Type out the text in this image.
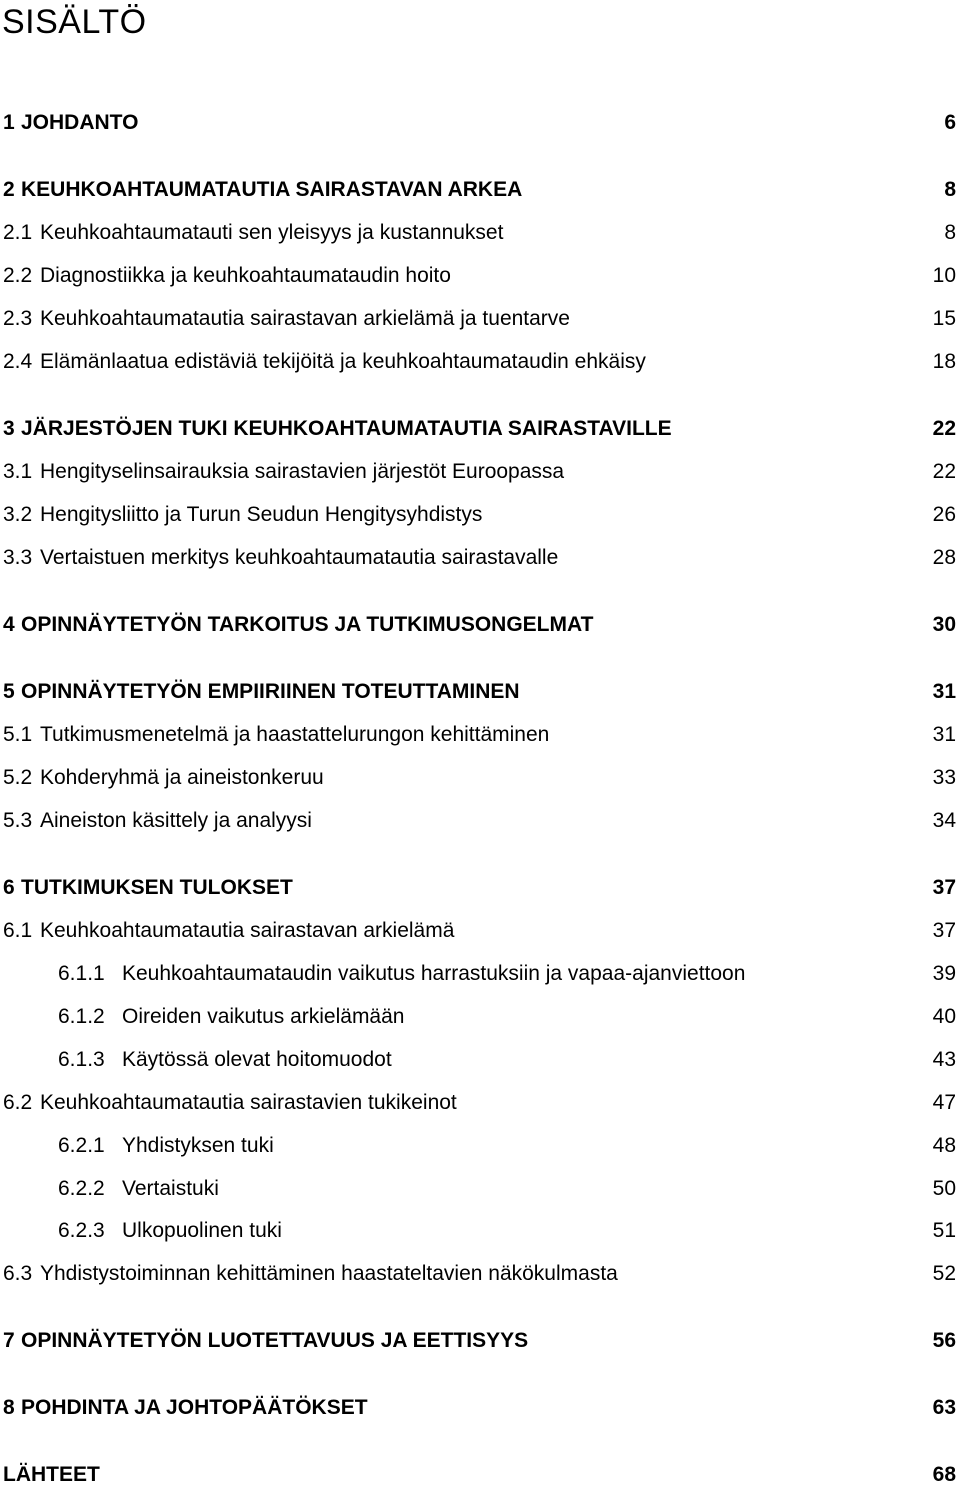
SISÄLTÖ
1 JOHDANTO	6
2 KEUHKOAHTAUMATAUTIA SAIRASTAVAN ARKEA	8
2.1 Keuhkoahtaumatauti sen yleisyys ja kustannukset	8
2.2 Diagnostiikka ja keuhkoahtaumataudin hoito	10
2.3 Keuhkoahtaumatautia sairastavan arkielämä ja tuentarve	15
2.4 Elämänlaatua edistäviä tekijöitä ja keuhkoahtaumataudin ehkäisy	18
3 JÄRJESTÖJEN TUKI KEUHKOAHTAUMATAUTIA SAIRASTAVILLE	22
3.1 Hengityselinsairauksia sairastavien järjestöt Euroopassa	22
3.2 Hengitysliitto ja Turun Seudun Hengitysyhdistys	26
3.3 Vertaistuen merkitys keuhkoahtaumatautia sairastavalle	28
4 OPINNÄYTETYÖN TARKOITUS JA TUTKIMUSONGELMAT	30
5 OPINNÄYTETYÖN EMPIIRIINEN TOTEUTTAMINEN	31
5.1 Tutkimusmenetelmä ja haastattelurungon kehittäminen	31
5.2 Kohderyhmä ja aineistonkeruu	33
5.3 Aineiston käsittely ja analyysi	34
6 TUTKIMUKSEN TULOKSET	37
6.1 Keuhkoahtaumatautia sairastavan arkielämä	37
6.1.1 Keuhkoahtaumataudin vaikutus harrastuksiin ja vapaa-ajanviettoon	39
6.1.2 Oireiden vaikutus arkielämään	40
6.1.3 Käytössä olevat hoitomuodot	43
6.2 Keuhkoahtaumatautia sairastavien tukikeinot	47
6.2.1 Yhdistyksen tuki	48
6.2.2 Vertaistuki	50
6.2.3 Ulkopuolinen tuki	51
6.3 Yhdistystoiminnan kehittäminen haastateltavien näkökulmasta	52
7 OPINNÄYTETYÖN LUOTETTAVUUS JA EETTISYYS	56
8 POHDINTA JA JOHTOPÄÄTÖKSET	63
LÄHTEET	68
